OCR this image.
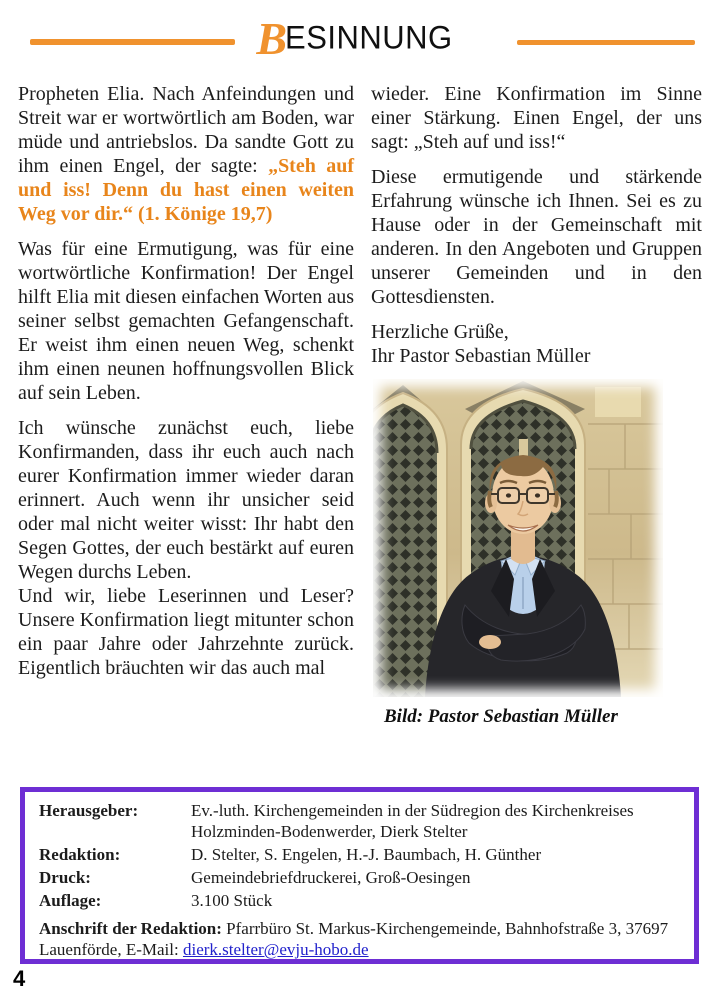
BESINNUNG

Propheten Elia. Nach Anfeindungen und Streit war er wortwörtlich am Boden, war müde und antriebslos. Da sandte Gott zu ihm einen Engel, der sagte: „Steh auf und iss! Denn du hast einen weiten Weg vor dir.“ (1. Könige 19,7)

Was für eine Ermutigung, was für eine wortwörtliche Konfirmation! Der Engel hilft Elia mit diesen einfachen Worten aus seiner selbst gemachten Gefangenschaft. Er weist ihm einen neuen Weg, schenkt ihm einen neunen hoffnungsvollen Blick auf sein Leben.

Ich wünsche zunächst euch, liebe Konfirmanden, dass ihr euch auch nach eurer Konfirmation immer wieder daran erinnert. Auch wenn ihr unsicher seid oder mal nicht weiter wisst: Ihr habt den Segen Gottes, der euch bestärkt auf euren Wegen durchs Leben.

Und wir, liebe Leserinnen und Leser? Unsere Konfirmation liegt mitunter schon ein paar Jahre oder Jahrzehnte zurück. Eigentlich bräuchten wir das auch mal

wieder. Eine Konfirmation im Sinne einer Stärkung. Einen Engel, der uns sagt: „Steh auf und iss!“

Diese ermutigende und stärkende Erfahrung wünsche ich Ihnen. Sei es zu Hause oder in der Gemeinschaft mit anderen. In den Angeboten und Gruppen unserer Gemeinden und in den Gottesdiensten.

Herzliche Grüße,
Ihr Pastor Sebastian Müller

Bild: Pastor Sebastian Müller
Herausgeber:	Ev.-luth. Kirchengemeinden in der Südregion des Kirchenkreises Holzminden-Bodenwerder, Dierk Stelter
Redaktion:	D. Stelter, S. Engelen, H.-J. Baumbach, H. Günther
Druck:	Gemeindebriefdruckerei, Groß-Oesingen
Auflage:	3.100 Stück

Anschrift der Redaktion: Pfarrbüro St. Markus-Kirchengemeinde, Bahnhofstraße 3, 37697 Lauenförde, E-Mail: dierk.stelter@evju-hobo.de

4
